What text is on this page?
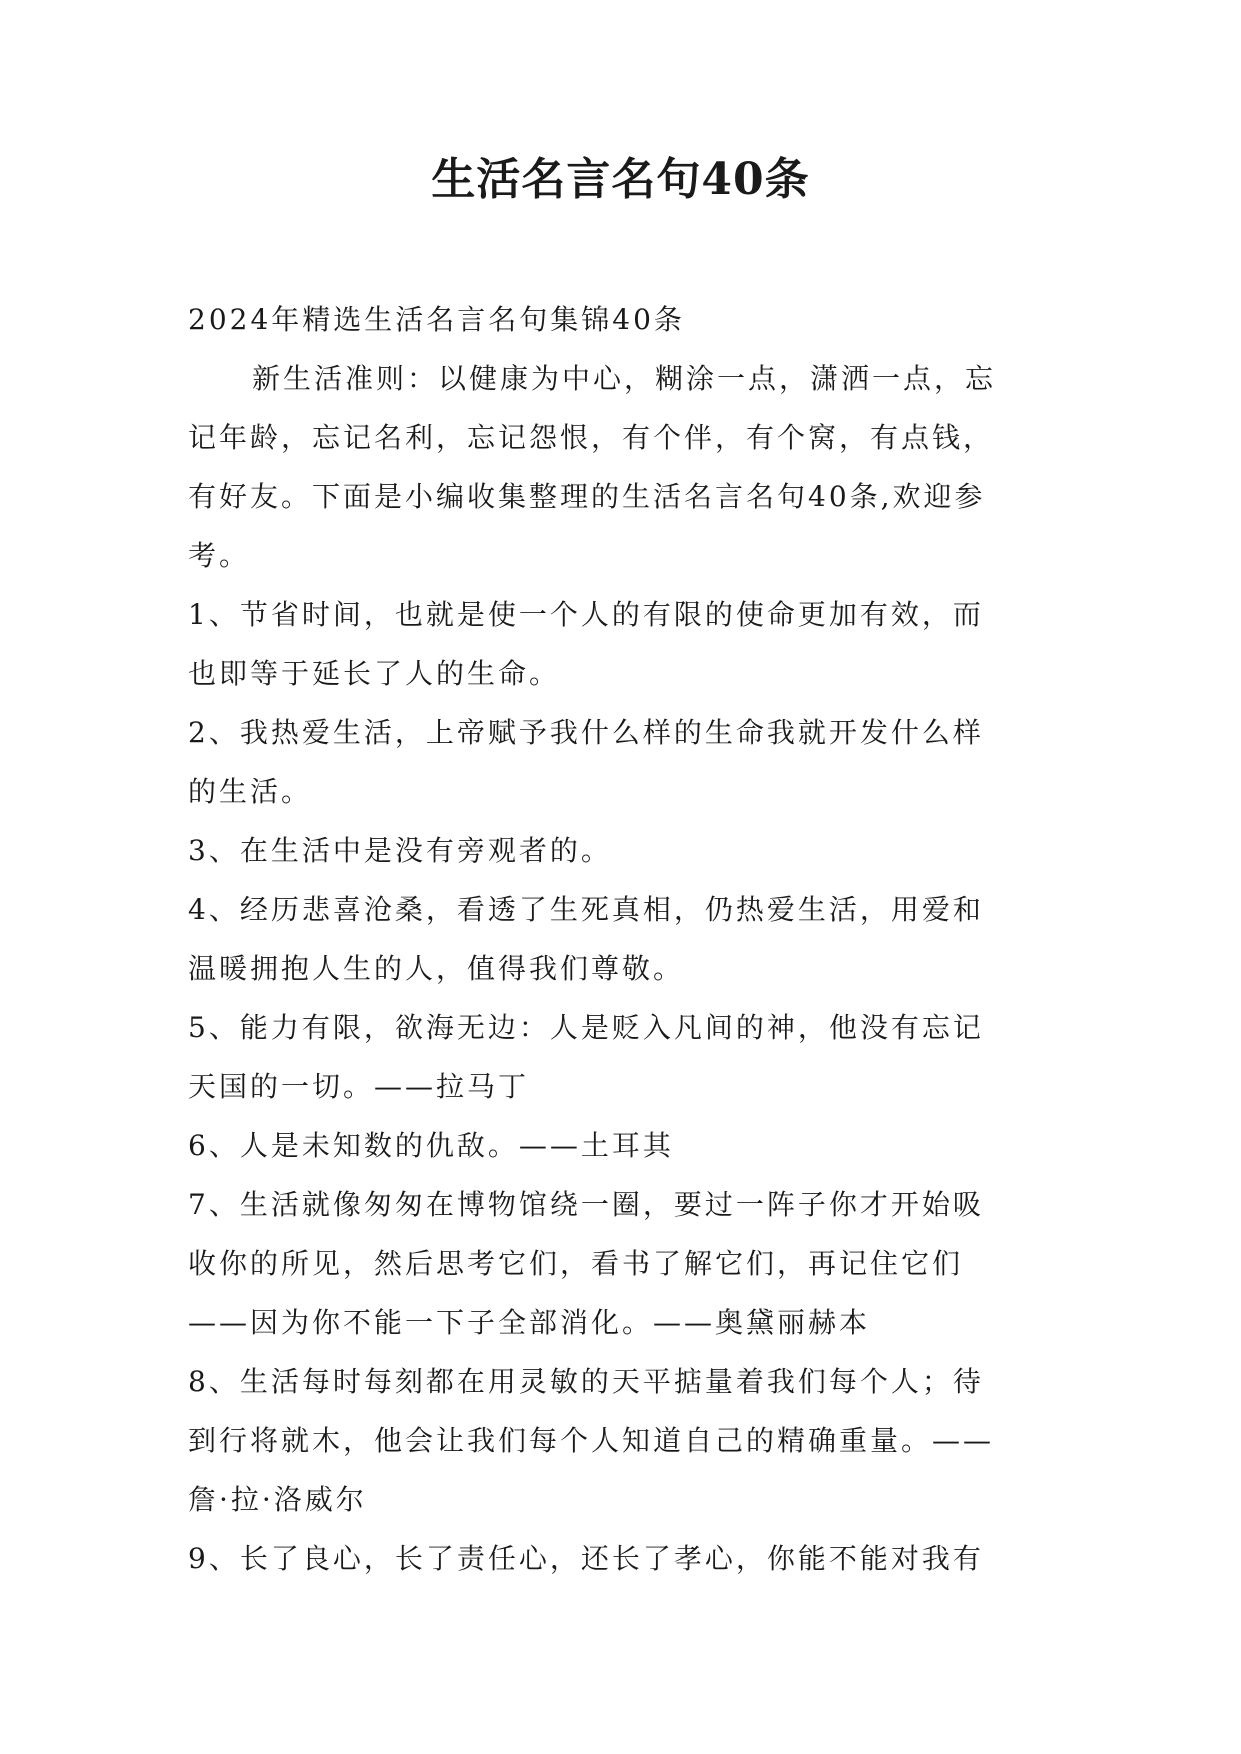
生活名言名句40条
2024年精选生活名言名句集锦40条
新生活准则：以健康为中心，糊涂一点，潇洒一点，忘
记年龄，忘记名利，忘记怨恨，有个伴，有个窝，有点钱，
有好友。下面是小编收集整理的生活名言名句40条,欢迎参
考。
1、节省时间，也就是使一个人的有限的使命更加有效，而
也即等于延长了人的生命。
2、我热爱生活，上帝赋予我什么样的生命我就开发什么样
的生活。
3、在生活中是没有旁观者的。
4、经历悲喜沧桑，看透了生死真相，仍热爱生活，用爱和
温暖拥抱人生的人，值得我们尊敬。
5、能力有限，欲海无边：人是贬入凡间的神，他没有忘记
天国的一切。——拉马丁
6、人是未知数的仇敌。——土耳其
7、生活就像匆匆在博物馆绕一圈，要过一阵子你才开始吸
收你的所见，然后思考它们，看书了解它们，再记住它们
——因为你不能一下子全部消化。——奥黛丽赫本
8、生活每时每刻都在用灵敏的天平掂量着我们每个人；待
到行将就木，他会让我们每个人知道自己的精确重量。——
詹·拉·洛威尔
9、长了良心，长了责任心，还长了孝心，你能不能对我有
